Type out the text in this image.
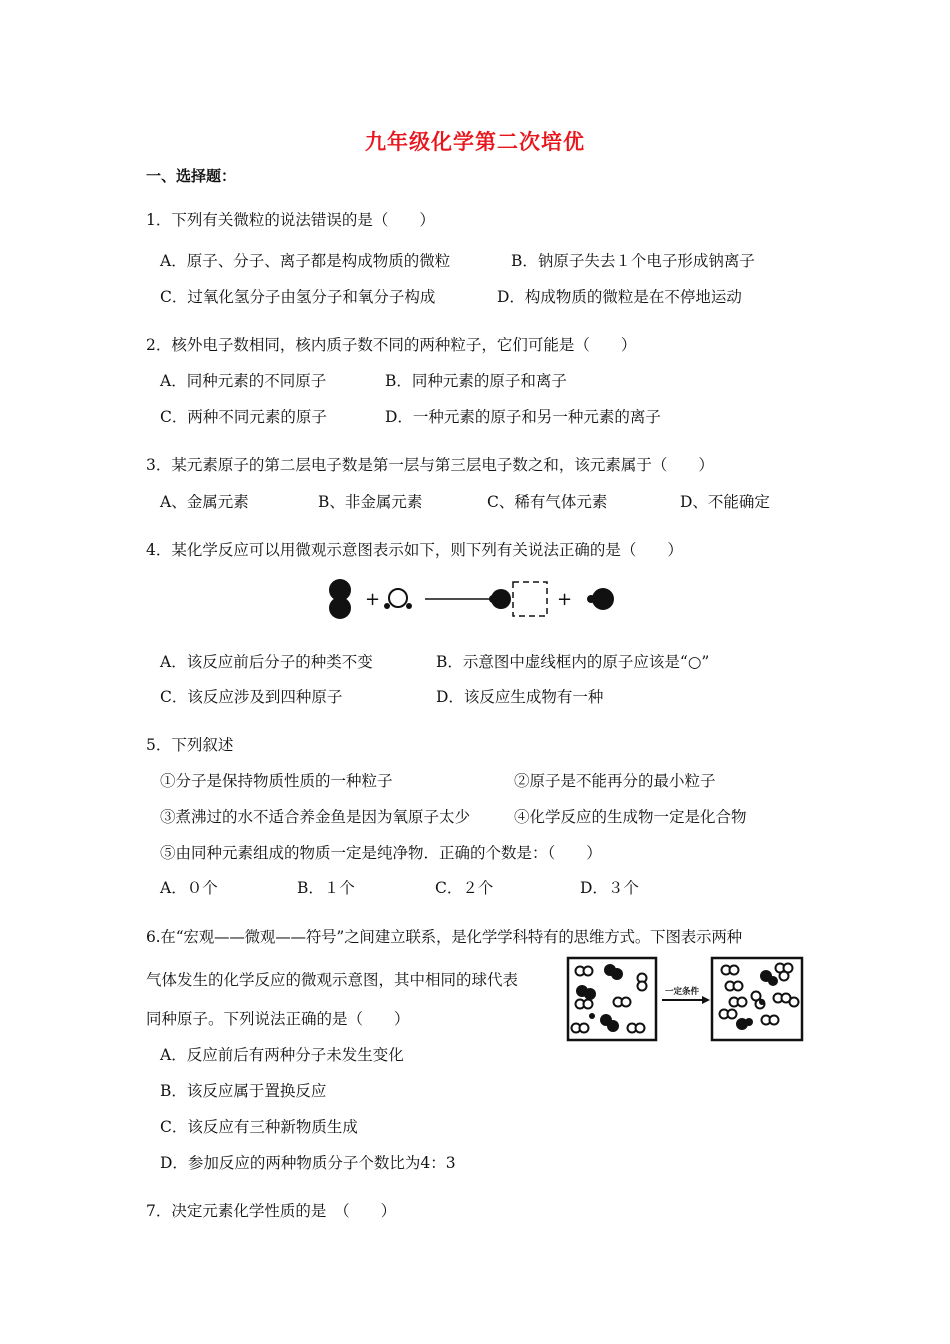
九年级化学第二次培优
一、选择题：
1．下列有关微粒的说法错误的是（　　）
A．原子、分子、离子都是构成物质的微粒	B．钠原子失去１个电子形成钠离子
C．过氧化氢分子由氢分子和氧分子构成	D．构成物质的微粒是在不停地运动
2．核外电子数相同，核内质子数不同的两种粒子，它们可能是（　　）
A．同种元素的不同原子	B．同种元素的原子和离子
C．两种不同元素的原子	D．一种元素的原子和另一种元素的离子
3．某元素原子的第二层电子数是第一层与第三层电子数之和，该元素属于（　　）
A、金属元素	B、非金属元素	C、稀有气体元素	D、不能确定
4．某化学反应可以用微观示意图表示如下，则下列有关说法正确的是（　　）
+	+
A．该反应前后分子的种类不变	B．示意图中虚线框内的原子应该是“○”
C．该反应涉及到四种原子	D．该反应生成物有一种
5．下列叙述
①分子是保持物质性质的一种粒子	②原子是不能再分的最小粒子
③煮沸过的水不适合养金鱼是因为氧原子太少	④化学反应的生成物一定是化合物
⑤由同种元素组成的物质一定是纯净物．正确的个数是：（　　）
A．０个	B．１个	C．２个	D．３个
6.在“宏观——微观——符号”之间建立联系，是化学学科特有的思维方式。下图表示两种
气体发生的化学反应的微观示意图，其中相同的球代表
同种原子。下列说法正确的是（　　）
一定条件
A．反应前后有两种分子未发生变化
B．该反应属于置换反应
C．该反应有三种新物质生成
D．参加反应的两种物质分子个数比为4：3
7．决定元素化学性质的是　（　　）
